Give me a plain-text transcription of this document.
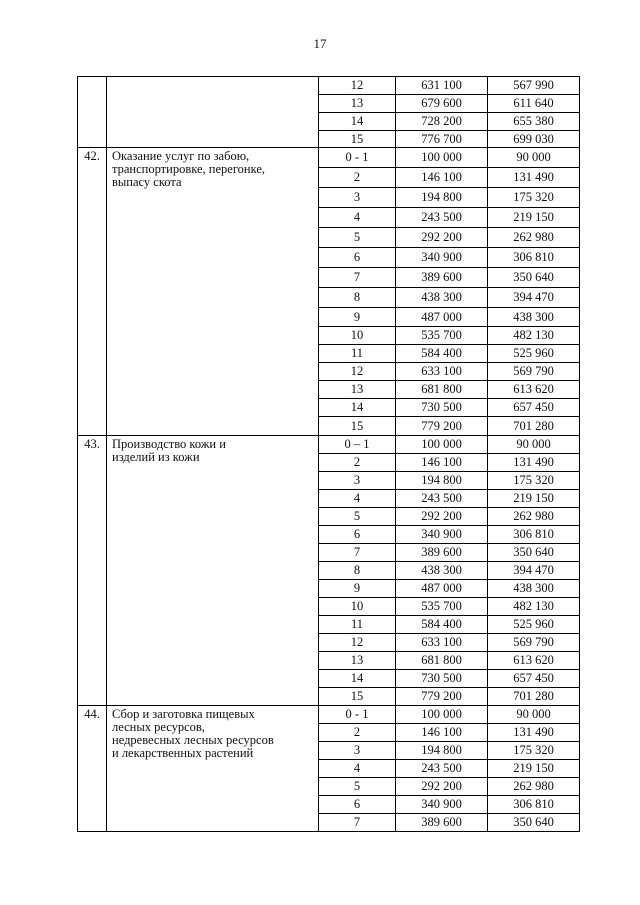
17
		12	631 100	567 990
		13	679 600	611 640
		14	728 200	655 380
		15	776 700	699 030
42.	Оказание услуг по забою,
транспортировке, перегонке,
выпасу скота	0 - 1	100 000	90 000
		2	146 100	131 490
		3	194 800	175 320
		4	243 500	219 150
		5	292 200	262 980
		6	340 900	306 810
		7	389 600	350 640
		8	438 300	394 470
		9	487 000	438 300
		10	535 700	482 130
		11	584 400	525 960
		12	633 100	569 790
		13	681 800	613 620
		14	730 500	657 450
		15	779 200	701 280
43.	Производство кожи и
изделий из кожи	0 – 1	100 000	90 000
		2	146 100	131 490
		3	194 800	175 320
		4	243 500	219 150
		5	292 200	262 980
		6	340 900	306 810
		7	389 600	350 640
		8	438 300	394 470
		9	487 000	438 300
		10	535 700	482 130
		11	584 400	525 960
		12	633 100	569 790
		13	681 800	613 620
		14	730 500	657 450
		15	779 200	701 280
44.	Сбор и заготовка пищевых
лесных ресурсов,
недревесных лесных ресурсов
и лекарственных растений	0 - 1	100 000	90 000
		2	146 100	131 490
		3	194 800	175 320
		4	243 500	219 150
		5	292 200	262 980
		6	340 900	306 810
		7	389 600	350 640
